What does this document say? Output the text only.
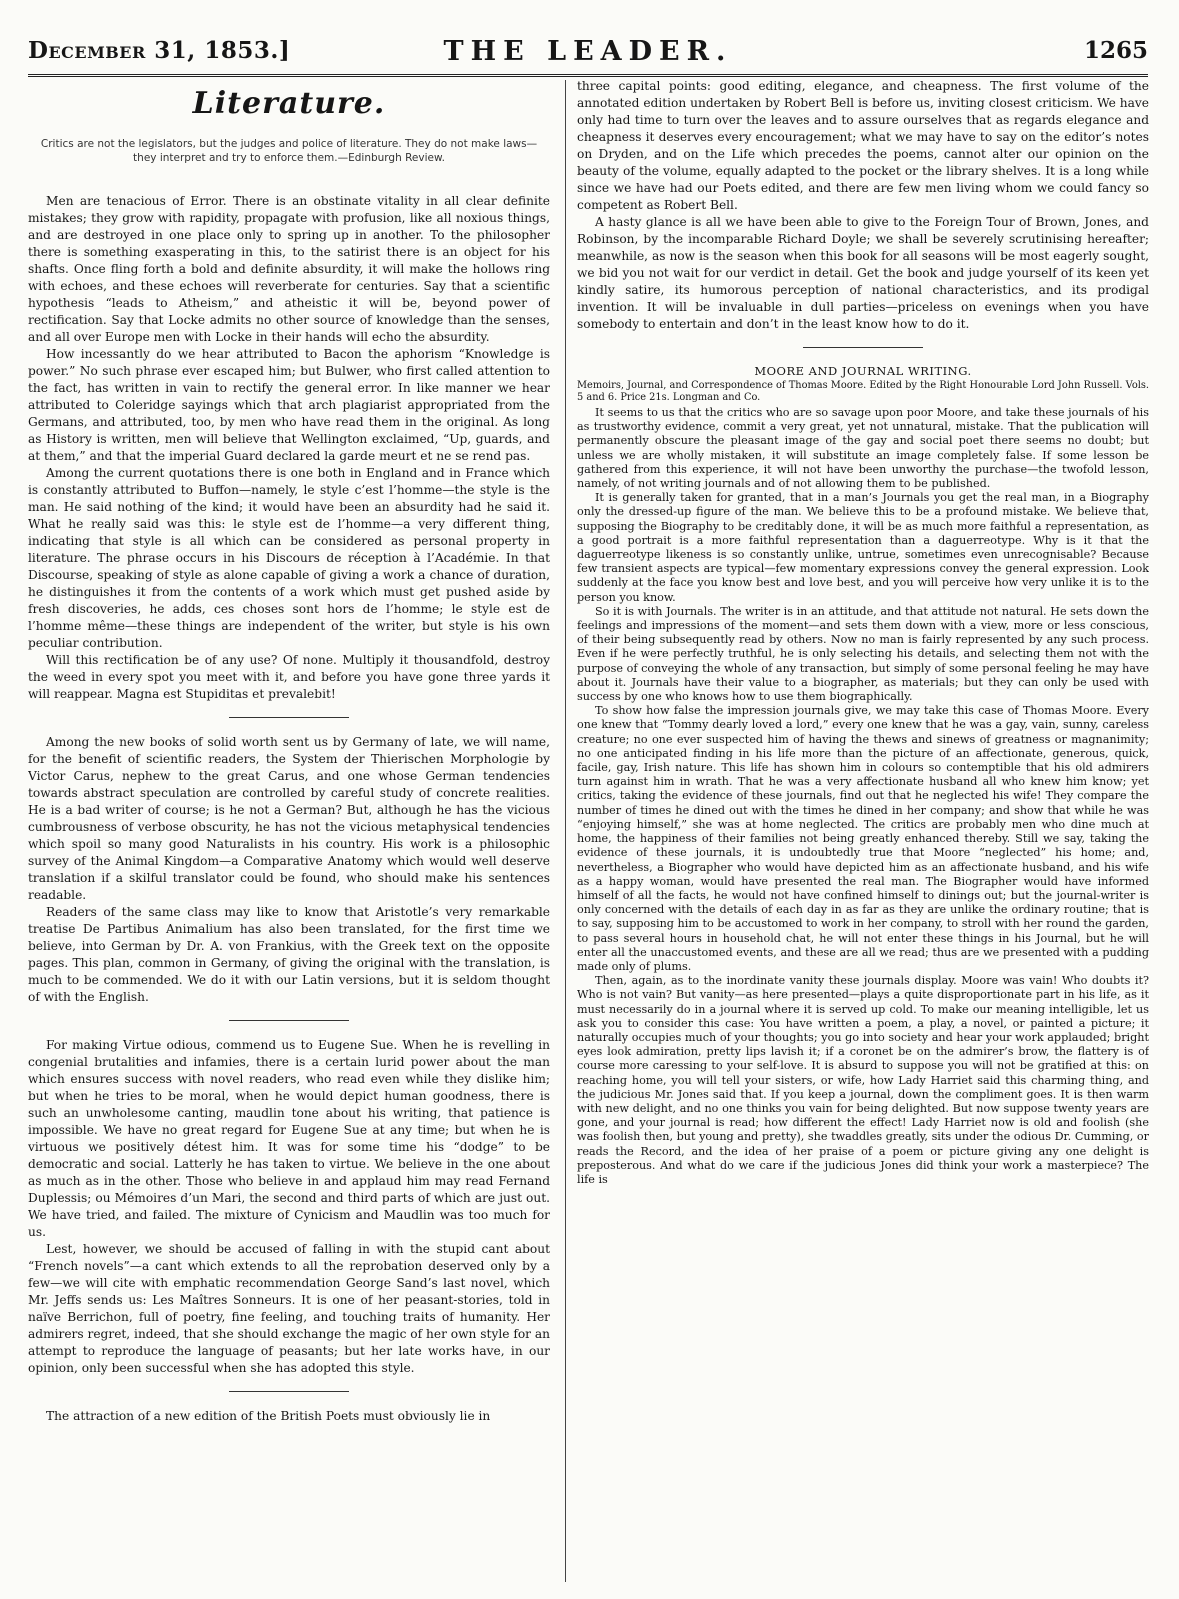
December 31, 1853.]	THE LEADER.	1265
Literature.
Critics are not the legislators, but the judges and police of literature. They do not make laws—they interpret and try to enforce them.—Edinburgh Review.

Men are tenacious of Error. There is an obstinate vitality in all clear definite mistakes; they grow with rapidity, propagate with profusion, like all noxious things, and are destroyed in one place only to spring up in another. To the philosopher there is something exasperating in this, to the satirist there is an object for his shafts. Once fling forth a bold and definite absurdity, it will make the hollows ring with echoes, and these echoes will reverberate for centuries. Say that a scientific hypothesis “leads to Atheism,” and atheistic it will be, beyond power of rectification. Say that Locke admits no other source of knowledge than the senses, and all over Europe men with Locke in their hands will echo the absurdity.

How incessantly do we hear attributed to Bacon the aphorism “Knowledge is power.” No such phrase ever escaped him; but Bulwer, who first called attention to the fact, has written in vain to rectify the general error. In like manner we hear attributed to Coleridge sayings which that arch plagiarist appropriated from the Germans, and attributed, too, by men who have read them in the original. As long as History is written, men will believe that Wellington exclaimed, “Up, guards, and at them,” and that the imperial Guard declared la garde meurt et ne se rend pas.

Among the current quotations there is one both in England and in France which is constantly attributed to Buffon—namely, le style c’est l’homme—the style is the man. He said nothing of the kind; it would have been an absurdity had he said it. What he really said was this: le style est de l’homme—a very different thing, indicating that style is all which can be considered as personal property in literature. The phrase occurs in his Discours de réception à l’Académie. In that Discourse, speaking of style as alone capable of giving a work a chance of duration, he distinguishes it from the contents of a work which must get pushed aside by fresh discoveries, he adds, ces choses sont hors de l’homme; le style est de l’homme même—these things are independent of the writer, but style is his own peculiar contribution.

Will this rectification be of any use? Of none. Multiply it thousandfold, destroy the weed in every spot you meet with it, and before you have gone three yards it will reappear. Magna est Stupiditas et prevalebit!

Among the new books of solid worth sent us by Germany of late, we will name, for the benefit of scientific readers, the System der Thierischen Morphologie by Victor Carus, nephew to the great Carus, and one whose German tendencies towards abstract speculation are controlled by careful study of concrete realities. He is a bad writer of course; is he not a German? But, although he has the vicious cumbrousness of verbose obscurity, he has not the vicious metaphysical tendencies which spoil so many good Naturalists in his country. His work is a philosophic survey of the Animal Kingdom—a Comparative Anatomy which would well deserve translation if a skilful translator could be found, who should make his sentences readable.

Readers of the same class may like to know that Aristotle’s very remarkable treatise De Partibus Animalium has also been translated, for the first time we believe, into German by Dr. A. von Frankius, with the Greek text on the opposite pages. This plan, common in Germany, of giving the original with the translation, is much to be commended. We do it with our Latin versions, but it is seldom thought of with the English.

For making Virtue odious, commend us to Eugene Sue. When he is revelling in congenial brutalities and infamies, there is a certain lurid power about the man which ensures success with novel readers, who read even while they dislike him; but when he tries to be moral, when he would depict human goodness, there is such an unwholesome canting, maudlin tone about his writing, that patience is impossible. We have no great regard for Eugene Sue at any time; but when he is virtuous we positively détest him. It was for some time his “dodge” to be democratic and social. Latterly he has taken to virtue. We believe in the one about as much as in the other. Those who believe in and applaud him may read Fernand Duplessis; ou Mémoires d’un Mari, the second and third parts of which are just out. We have tried, and failed. The mixture of Cynicism and Maudlin was too much for us.

Lest, however, we should be accused of falling in with the stupid cant about “French novels”—a cant which extends to all the reprobation deserved only by a few—we will cite with emphatic recommendation George Sand’s last novel, which Mr. Jeffs sends us: Les Maîtres Sonneurs. It is one of her peasant-stories, told in naïve Berrichon, full of poetry, fine feeling, and touching traits of humanity. Her admirers regret, indeed, that she should exchange the magic of her own style for an attempt to reproduce the language of peasants; but her late works have, in our opinion, only been successful when she has adopted this style.

The attraction of a new edition of the British Poets must obviously lie in

three capital points: good editing, elegance, and cheapness. The first volume of the annotated edition undertaken by Robert Bell is before us, inviting closest criticism. We have only had time to turn over the leaves and to assure ourselves that as regards elegance and cheapness it deserves every encouragement; what we may have to say on the editor’s notes on Dryden, and on the Life which precedes the poems, cannot alter our opinion on the beauty of the volume, equally adapted to the pocket or the library shelves. It is a long while since we have had our Poets edited, and there are few men living whom we could fancy so competent as Robert Bell.

A hasty glance is all we have been able to give to the Foreign Tour of Brown, Jones, and Robinson, by the incomparable Richard Doyle; we shall be severely scrutinising hereafter; meanwhile, as now is the season when this book for all seasons will be most eagerly sought, we bid you not wait for our verdict in detail. Get the book and judge yourself of its keen yet kindly satire, its humorous perception of national characteristics, and its prodigal invention. It will be invaluable in dull parties—priceless on evenings when you have somebody to entertain and don’t in the least know how to do it.

MOORE AND JOURNAL WRITING.
Memoirs, Journal, and Correspondence of Thomas Moore. Edited by the Right Honourable Lord John Russell. Vols. 5 and 6. Price 21s. Longman and Co.

It seems to us that the critics who are so savage upon poor Moore, and take these journals of his as trustworthy evidence, commit a very great, yet not unnatural, mistake. That the publication will permanently obscure the pleasant image of the gay and social poet there seems no doubt; but unless we are wholly mistaken, it will substitute an image completely false. If some lesson be gathered from this experience, it will not have been unworthy the purchase—the twofold lesson, namely, of not writing journals and of not allowing them to be published.

It is generally taken for granted, that in a man’s Journals you get the real man, in a Biography only the dressed-up figure of the man. We believe this to be a profound mistake. We believe that, supposing the Biography to be creditably done, it will be as much more faithful a representation, as a good portrait is a more faithful representation than a daguerreotype. Why is it that the daguerreotype likeness is so constantly unlike, untrue, sometimes even unrecognisable? Because few transient aspects are typical—few momentary expressions convey the general expression. Look suddenly at the face you know best and love best, and you will perceive how very unlike it is to the person you know.

So it is with Journals. The writer is in an attitude, and that attitude not natural. He sets down the feelings and impressions of the moment—and sets them down with a view, more or less conscious, of their being subsequently read by others. Now no man is fairly represented by any such process. Even if he were perfectly truthful, he is only selecting his details, and selecting them not with the purpose of conveying the whole of any transaction, but simply of some personal feeling he may have about it. Journals have their value to a biographer, as materials; but they can only be used with success by one who knows how to use them biographically.

To show how false the impression journals give, we may take this case of Thomas Moore. Every one knew that “Tommy dearly loved a lord,” every one knew that he was a gay, vain, sunny, careless creature; no one ever suspected him of having the thews and sinews of greatness or magnanimity; no one anticipated finding in his life more than the picture of an affectionate, generous, quick, facile, gay, Irish nature. This life has shown him in colours so contemptible that his old admirers turn against him in wrath. That he was a very affectionate husband all who knew him know; yet critics, taking the evidence of these journals, find out that he neglected his wife! They compare the number of times he dined out with the times he dined in her company; and show that while he was “enjoying himself,” she was at home neglected. The critics are probably men who dine much at home, the happiness of their families not being greatly enhanced thereby. Still we say, taking the evidence of these journals, it is undoubtedly true that Moore “neglected” his home; and, nevertheless, a Biographer who would have depicted him as an affectionate husband, and his wife as a happy woman, would have presented the real man. The Biographer would have informed himself of all the facts, he would not have confined himself to dinings out; but the journal-writer is only concerned with the details of each day in as far as they are unlike the ordinary routine; that is to say, supposing him to be accustomed to work in her company, to stroll with her round the garden, to pass several hours in household chat, he will not enter these things in his Journal, but he will enter all the unaccustomed events, and these are all we read; thus are we presented with a pudding made only of plums.

Then, again, as to the inordinate vanity these journals display. Moore was vain! Who doubts it? Who is not vain? But vanity—as here presented—plays a quite disproportionate part in his life, as it must necessarily do in a journal where it is served up cold. To make our meaning intelligible, let us ask you to consider this case: You have written a poem, a play, a novel, or painted a picture; it naturally occupies much of your thoughts; you go into society and hear your work applauded; bright eyes look admiration, pretty lips lavish it; if a coronet be on the admirer’s brow, the flattery is of course more caressing to your self-love. It is absurd to suppose you will not be gratified at this: on reaching home, you will tell your sisters, or wife, how Lady Harriet said this charming thing, and the judicious Mr. Jones said that. If you keep a journal, down the compliment goes. It is then warm with new delight, and no one thinks you vain for being delighted. But now suppose twenty years are gone, and your journal is read; how different the effect! Lady Harriet now is old and foolish (she was foolish then, but young and pretty), she twaddles greatly, sits under the odious Dr. Cumming, or reads the Record, and the idea of her praise of a poem or picture giving any one delight is preposterous. And what do we care if the judicious Jones did think your work a masterpiece? The life is
